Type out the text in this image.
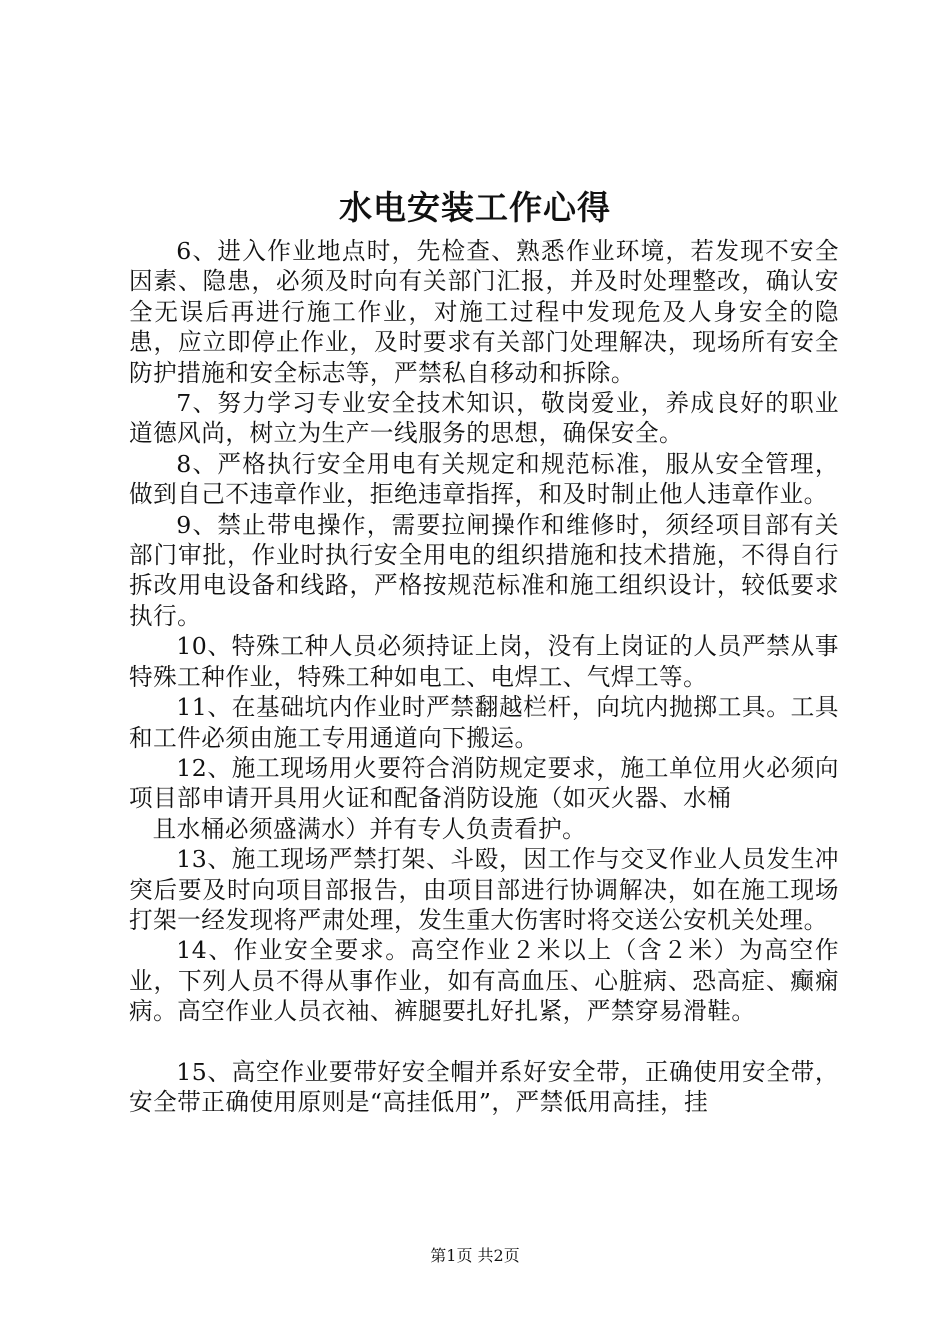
水电安装工作心得

6、进入作业地点时，先检查、熟悉作业环境，若发现不安全因素、隐患，必须及时向有关部门汇报，并及时处理整改，确认安全无误后再进行施工作业，对施工过程中发现危及人身安全的隐患，应立即停止作业，及时要求有关部门处理解决，现场所有安全防护措施和安全标志等，严禁私自移动和拆除。

7、努力学习专业安全技术知识，敬岗爱业，养成良好的职业道德风尚，树立为生产一线服务的思想，确保安全。

8、严格执行安全用电有关规定和规范标准，服从安全管理，做到自己不违章作业，拒绝违章指挥，和及时制止他人违章作业。

9、禁止带电操作，需要拉闸操作和维修时，须经项目部有关部门审批，作业时执行安全用电的组织措施和技术措施，不得自行拆改用电设备和线路，严格按规范标准和施工组织设计，较低要求执行。

10、特殊工种人员必须持证上岗，没有上岗证的人员严禁从事特殊工种作业，特殊工种如电工、电焊工、气焊工等。

11、在基础坑内作业时严禁翻越栏杆，向坑内抛掷工具。工具和工件必须由施工专用通道向下搬运。

12、施工现场用火要符合消防规定要求，施工单位用火必须向项目部申请开具用火证和配备消防设施（如灭火器、水桶

且水桶必须盛满水）并有专人负责看护。

13、施工现场严禁打架、斗殴，因工作与交叉作业人员发生冲突后要及时向项目部报告，由项目部进行协调解决，如在施工现场打架一经发现将严肃处理，发生重大伤害时将交送公安机关处理。

14、作业安全要求。高空作业２米以上（含２米）为高空作业，下列人员不得从事作业，如有高血压、心脏病、恐高症、癫痫病。高空作业人员衣袖、裤腿要扎好扎紧，严禁穿易滑鞋。

15、高空作业要带好安全帽并系好安全带，正确使用安全带，安全带正确使用原则是“高挂低用”，严禁低用高挂，挂

第1页 共2页
